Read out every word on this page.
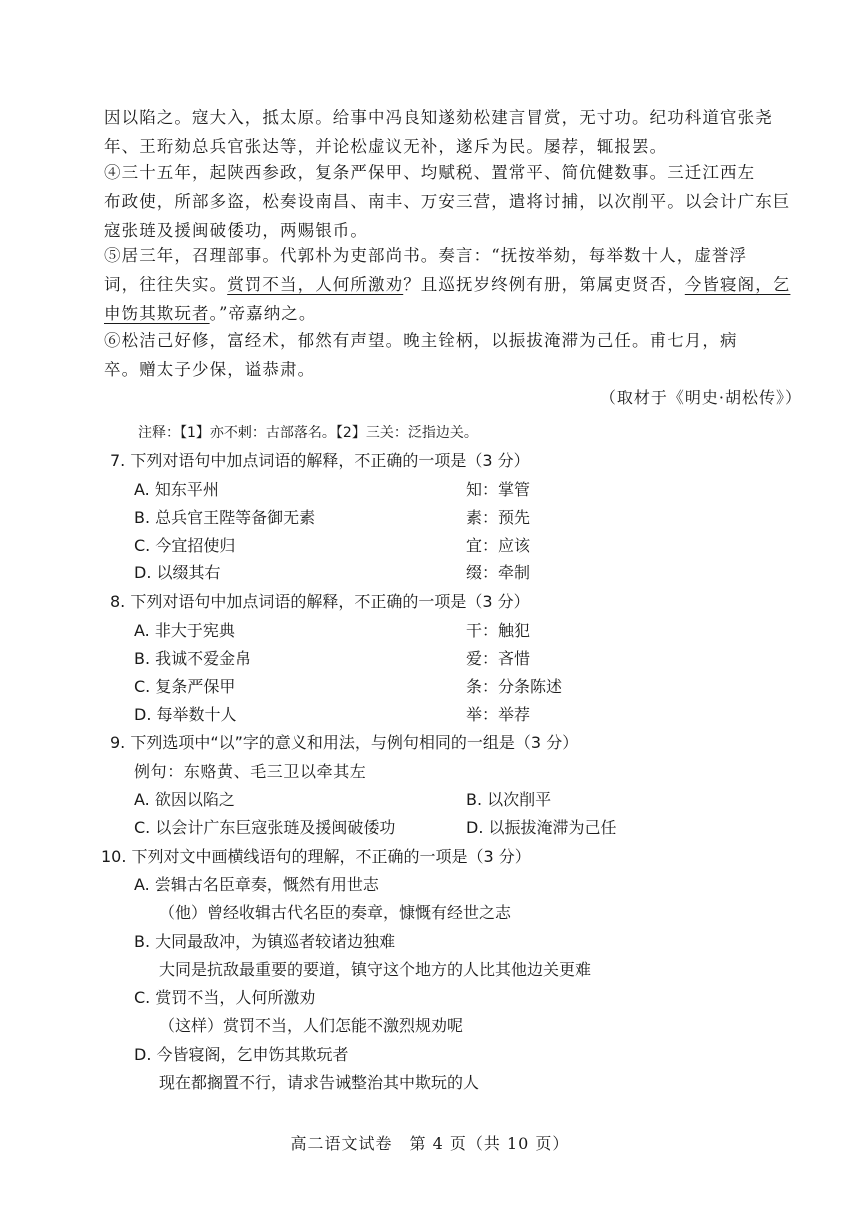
因以陷之。寇大入，抵太原。给事中冯良知遂劾松建言冒赏，无寸功。纪功科道官张尧
年、王珩劾总兵官张达等，并论松虚议无补，遂斥为民。屡荐，辄报罢。
④三十五年，起陕西参政，复条严保甲、均赋税、置常平、简伉健数事。三迁江西左
布政使，所部多盗，松奏设南昌、南丰、万安三营，遣将讨捕，以次削平。以会计广东巨
寇张琏及援闽破倭功，两赐银币。
⑤居三年，召理部事。代郭朴为吏部尚书。奏言：“抚按举劾，每举数十人，虚誉浮
词，往往失实。赏罚不当，人何所激劝？且巡抚岁终例有册，第属吏贤否，今皆寝阁，乞
申饬其欺玩者。”帝嘉纳之。
⑥松洁己好修，富经术，郁然有声望。晚主铨柄，以振拔淹滞为己任。甫七月，病
卒。赠太子少保，谥恭肃。
（取材于《明史·胡松传》）
注释：【1】亦不剌：古部落名。【2】三关：泛指边关。
7. 下列对语句中加点词语的解释，不正确的一项是（3 分）
A. 知东平州	知：掌管
B. 总兵官王陛等备御无素	素：预先
C. 今宜招使归	宜：应该
D. 以缀其右	缀：牵制
8. 下列对语句中加点词语的解释，不正确的一项是（3 分）
A. 非大于宪典	干：触犯
B. 我诚不爱金帛	爱：吝惜
C. 复条严保甲	条：分条陈述
D. 每举数十人	举：举荐
9. 下列选项中“以”字的意义和用法，与例句相同的一组是（3 分）
例句：东赂黄、毛三卫以牵其左
A. 欲因以陷之	B. 以次削平
C. 以会计广东巨寇张琏及援闽破倭功	D. 以振拔淹滞为己任
10. 下列对文中画横线语句的理解，不正确的一项是（3 分）
A. 尝辑古名臣章奏，慨然有用世志
（他）曾经收辑古代名臣的奏章，慷慨有经世之志
B. 大同最敌冲，为镇巡者较诸边独难
大同是抗敌最重要的要道，镇守这个地方的人比其他边关更难
C. 赏罚不当，人何所激劝
（这样）赏罚不当，人们怎能不激烈规劝呢
D. 今皆寝阁，乞申饬其欺玩者
现在都搁置不行，请求告诫整治其中欺玩的人
高二语文试卷　第 4 页（共 10 页）
